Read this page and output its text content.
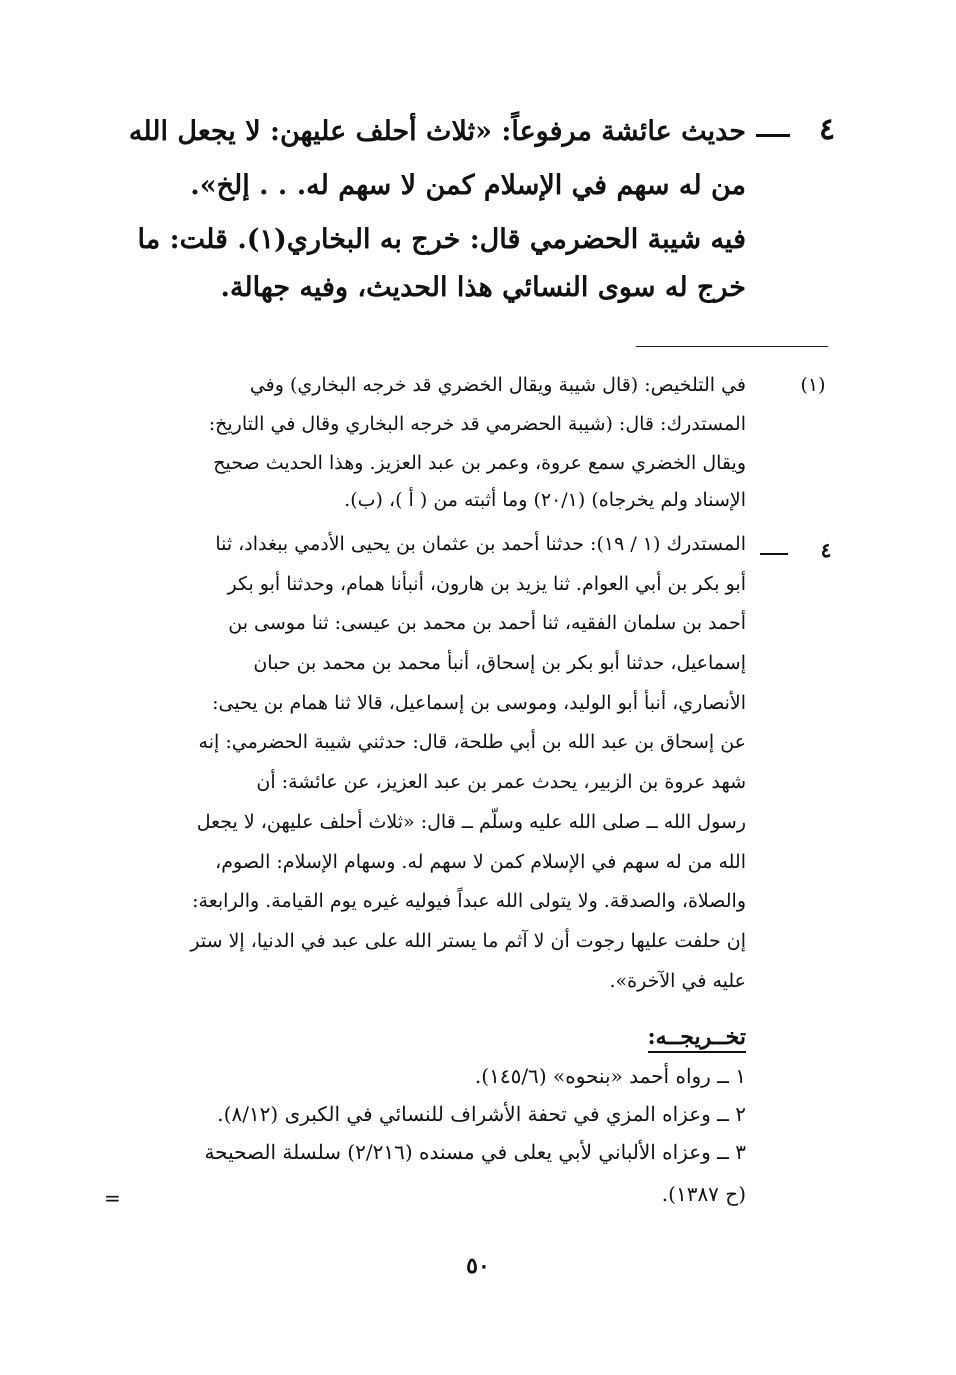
٤
حديث عائشة مرفوعاً: «ثلاث أحلف عليهن: لا يجعل الله
من له سهم في الإسلام كمن لا سهم له. . . إلخ».
فيه شيبة الحضرمي قال: خرج به البخاري(١). قلت: ما
خرج له سوى النسائي هذا الحديث، وفيه جهالة.
(١)
في التلخيص: (قال شيبة ويقال الخضري قد خرجه البخاري) وفي
المستدرك: قال: (شيبة الحضرمي قد خرجه البخاري وقال في التاريخ:
ويقال الخضري سمع عروة، وعمر بن عبد العزيز. وهذا الحديث صحيح
الإسناد ولم يخرجاه) (٢٠/١) وما أثبته من ( أ )، (ب).
٤
المستدرك (١ / ١٩): حدثنا أحمد بن عثمان بن يحيى الأدمي ببغداد، ثنا
أبو بكر بن أبي العوام. ثنا يزيد بن هارون، أنبأنا همام، وحدثنا أبو بكر
أحمد بن سلمان الفقيه، ثنا أحمد بن محمد بن عيسى: ثنا موسى بن
إسماعيل، حدثنا أبو بكر بن إسحاق، أنبأ محمد بن محمد بن حبان
الأنصاري، أنبأ أبو الوليد، وموسى بن إسماعيل، قالا ثنا همام بن يحيى:
عن إسحاق بن عبد الله بن أبي طلحة، قال: حدثني شيبة الحضرمي: إنه
شهد عروة بن الزبير، يحدث عمر بن عبد العزيز، عن عائشة: أن
رسول الله ــ صلى الله عليه وسلّم ــ قال: «ثلاث أحلف عليهن، لا يجعل
الله من له سهم في الإسلام كمن لا سهم له. وسهام الإسلام: الصوم،
والصلاة، والصدقة. ولا يتولى الله عبداً فيوليه غيره يوم القيامة. والرابعة:
إن حلفت عليها رجوت أن لا آثم ما يستر الله على عبد في الدنيا، إلا ستر
عليه في الآخرة».
تخــريجــه:
١ ــ رواه أحمد «بنحوه» (١٤٥/٦).
٢ ــ وعزاه المزي في تحفة الأشراف للنسائي في الكبرى (٨/١٢).
٣ ــ وعزاه الألباني لأبي يعلى في مسنده (٢/٢١٦) سلسلة الصحيحة
(ح ١٣٨٧).
=
٥٠
